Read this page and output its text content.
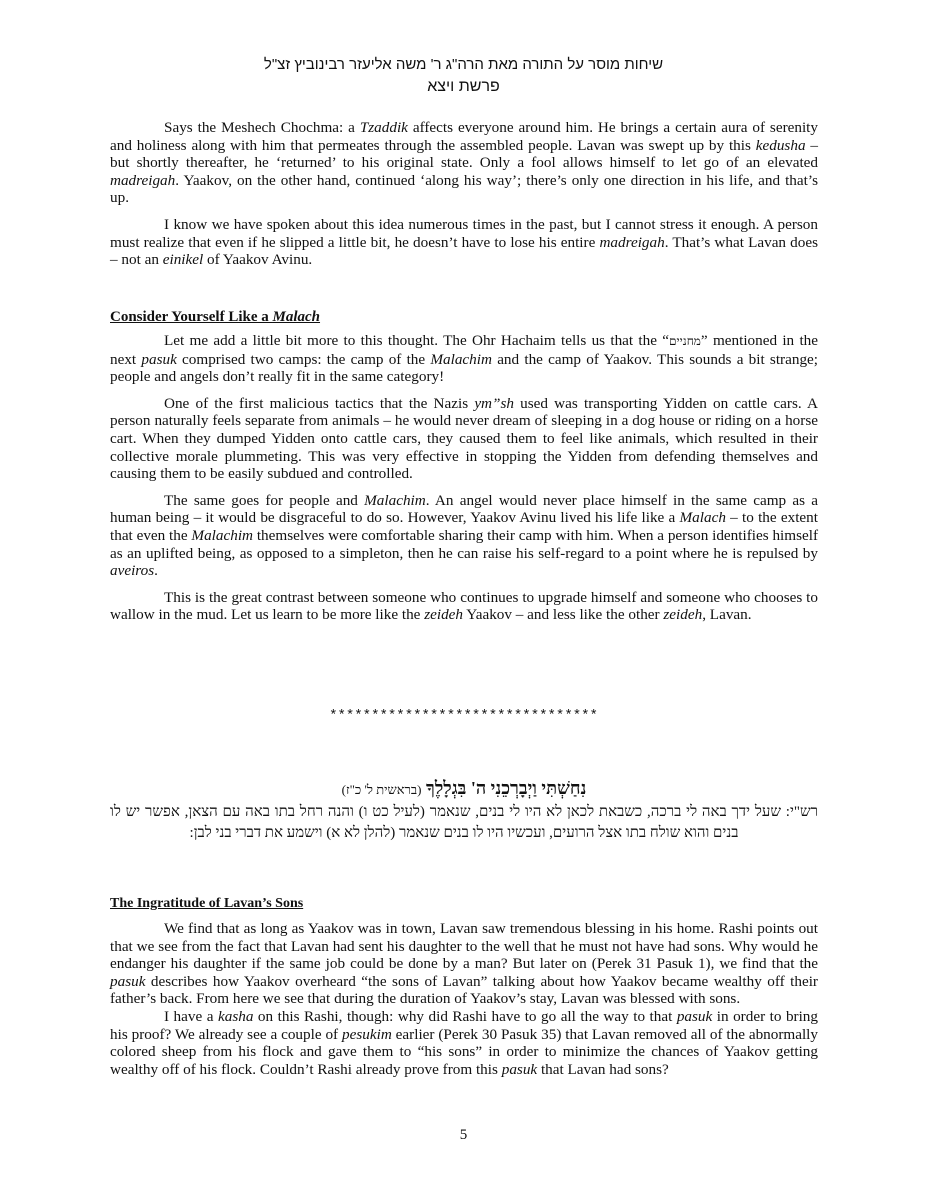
שיחות מוסר על התורה מאת הרה"ג ר' משה אליעזר רבינוביץ זצ"ל
פרשת ויצא

Says the Meshech Chochma: a Tzaddik affects everyone around him. He brings a certain aura of serenity and holiness along with him that permeates through the assembled people. Lavan was swept up by this kedusha – but shortly thereafter, he ‘returned’ to his original state. Only a fool allows himself to let go of an elevated madreigah. Yaakov, on the other hand, continued ‘along his way’; there’s only one direction in his life, and that’s up.

I know we have spoken about this idea numerous times in the past, but I cannot stress it enough. A person must realize that even if he slipped a little bit, he doesn’t have to lose his entire madreigah. That’s what Lavan does – not an einikel of Yaakov Avinu.

Consider Yourself Like a Malach

Let me add a little bit more to this thought. The Ohr Hachaim tells us that the “מחניים” mentioned in the next pasuk comprised two camps: the camp of the Malachim and the camp of Yaakov. This sounds a bit strange; people and angels don’t really fit in the same category!

One of the first malicious tactics that the Nazis ym”sh used was transporting Yidden on cattle cars. A person naturally feels separate from animals – he would never dream of sleeping in a dog house or riding on a horse cart. When they dumped Yidden onto cattle cars, they caused them to feel like animals, which resulted in their collective morale plummeting. This was very effective in stopping the Yidden from defending themselves and causing them to be easily subdued and controlled.

The same goes for people and Malachim. An angel would never place himself in the same camp as a human being – it would be disgraceful to do so. However, Yaakov Avinu lived his life like a Malach – to the extent that even the Malachim themselves were comfortable sharing their camp with him. When a person identifies himself as an uplifted being, as opposed to a simpleton, then he can raise his self-regard to a point where he is repulsed by aveiros.

This is the great contrast between someone who continues to upgrade himself and someone who chooses to wallow in the mud. Let us learn to be more like the zeideh Yaakov – and less like the other zeideh, Lavan.

********************************
נִחַשְׁתִּי וַיְבָרְכֵנִי ה' בִּגְלָלֶךָ (בראשית ל' כ"ז)
רש"י: שעל ידך באה לי ברכה, כשבאת לכאן לא היו לי בנים, שנאמר (לעיל כט ו) והנה רחל בתו באה עם הצאן, אפשר יש לו בנים והוא שולח בתו אצל הרועים, ועכשיו היו לו בנים שנאמר (להלן לא א) וישמע את דברי בני לבן:
The Ingratitude of Lavan’s Sons

We find that as long as Yaakov was in town, Lavan saw tremendous blessing in his home. Rashi points out that we see from the fact that Lavan had sent his daughter to the well that he must not have had sons. Why would he endanger his daughter if the same job could be done by a man? But later on (Perek 31 Pasuk 1), we find that the pasuk describes how Yaakov overheard “the sons of Lavan” talking about how Yaakov became wealthy off their father’s back. From here we see that during the duration of Yaakov’s stay, Lavan was blessed with sons.

I have a kasha on this Rashi, though: why did Rashi have to go all the way to that pasuk in order to bring his proof? We already see a couple of pesukim earlier (Perek 30 Pasuk 35) that Lavan removed all of the abnormally colored sheep from his flock and gave them to “his sons” in order to minimize the chances of Yaakov getting wealthy off of his flock. Couldn’t Rashi already prove from this pasuk that Lavan had sons?

5
